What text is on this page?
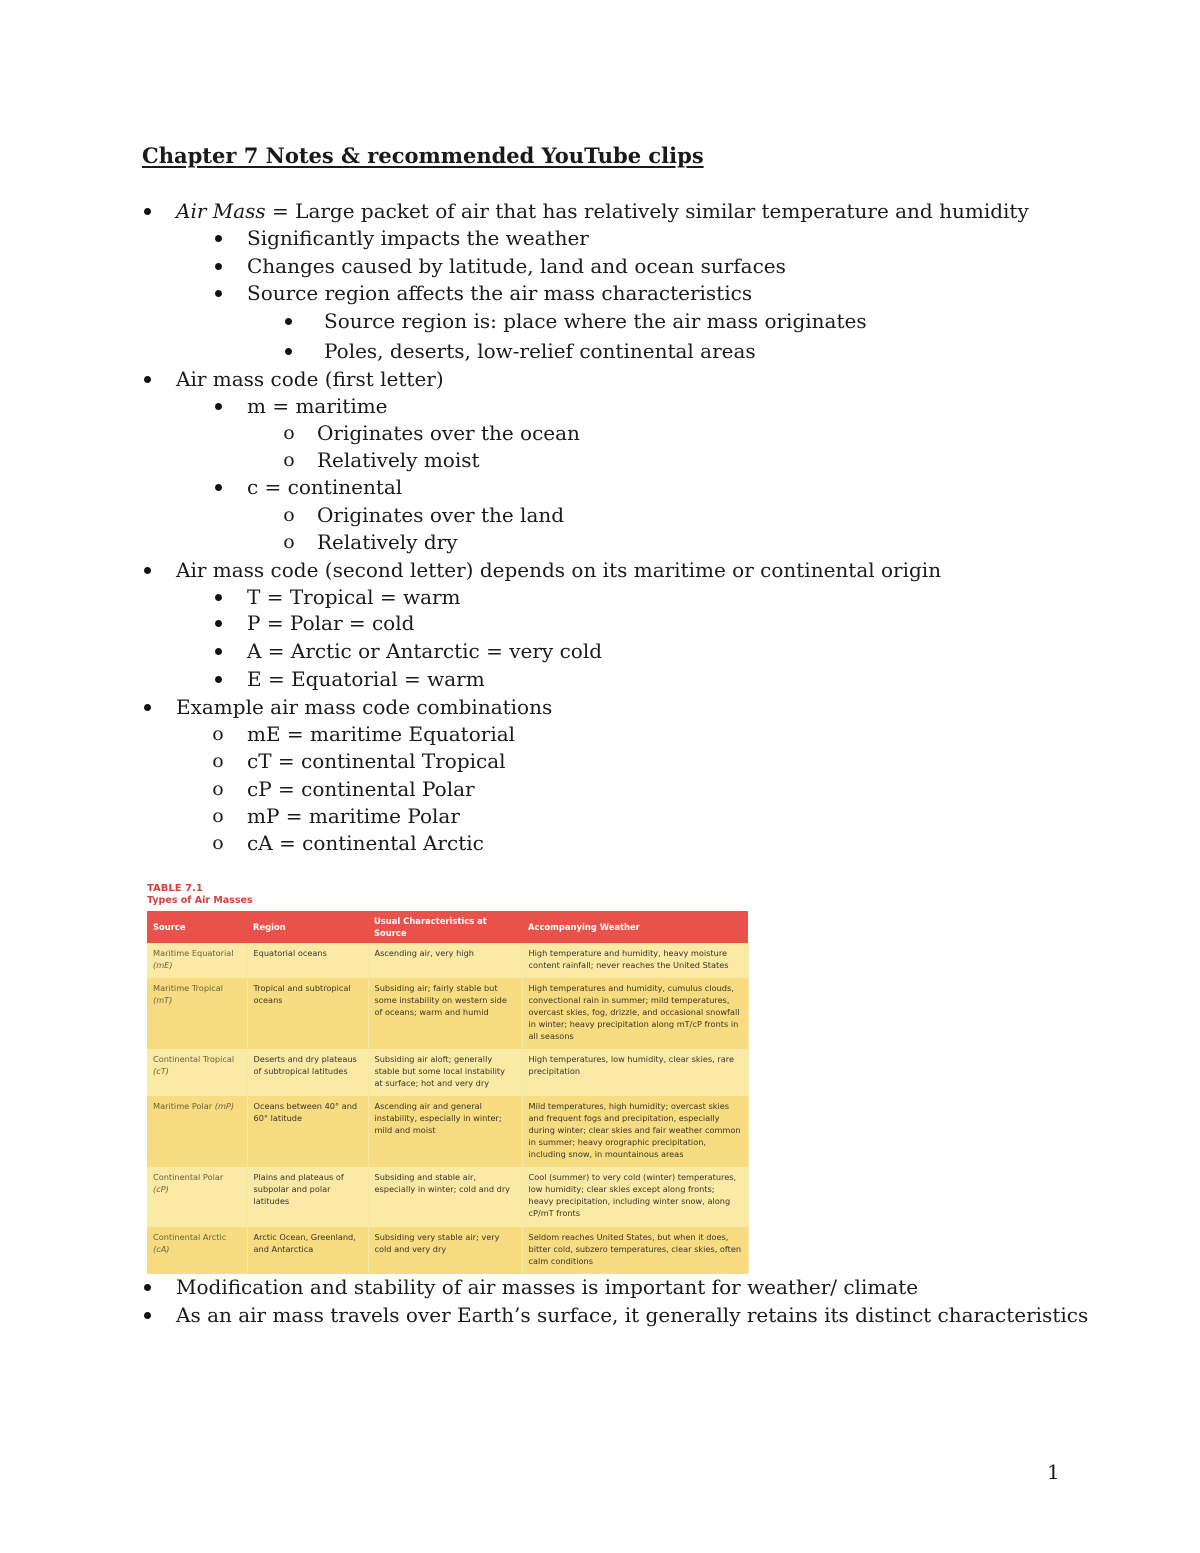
Chapter 7 Notes & recommended YouTube clips
Air Mass = Large packet of air that has relatively similar temperature and humidity
Significantly impacts the weather
Changes caused by latitude, land and ocean surfaces
Source region affects the air mass characteristics
Source region is: place where the air mass originates
Poles, deserts, low-relief continental areas
Air mass code (first letter)
m = maritime
o	Originates over the ocean
o	Relatively moist
c = continental
o	Originates over the land
o	Relatively dry
Air mass code (second letter) depends on its maritime or continental origin
T = Tropical = warm
P = Polar = cold
A = Arctic or Antarctic = very cold
E = Equatorial = warm
Example air mass code combinations
o	mE = maritime Equatorial
o	cT = continental Tropical
o	cP = continental Polar
o	mP = maritime Polar
o	cA = continental Arctic
TABLE 7.1
Types of Air Masses
Source	Region	Usual Characteristics at Source	Accompanying Weather
Maritime Equatorial (mE)	Equatorial oceans	Ascending air, very high	High temperature and humidity, heavy moisture content rainfall; never reaches the United States
Maritime Tropical (mT)	Tropical and subtropical oceans	Subsiding air; fairly stable but some instability on western side of oceans; warm and humid	High temperatures and humidity, cumulus clouds, convectional rain in summer; mild temperatures, overcast skies, fog, drizzle, and occasional snowfall in winter; heavy precipitation along mT/cP fronts in all seasons
Continental Tropical (cT)	Deserts and dry plateaus of subtropical latitudes	Subsiding air aloft; generally stable but some local instability at surface; hot and very dry	High temperatures, low humidity, clear skies, rare precipitation
Maritime Polar (mP)	Oceans between 40° and 60° latitude	Ascending air and general instability, especially in winter; mild and moist	Mild temperatures, high humidity; overcast skies and frequent fogs and precipitation, especially during winter; clear skies and fair weather common in summer; heavy orographic precipitation, including snow, in mountainous areas
Continental Polar (cP)	Plains and plateaus of subpolar and polar latitudes	Subsiding and stable air, especially in winter; cold and dry	Cool (summer) to very cold (winter) temperatures, low humidity; clear skies except along fronts; heavy precipitation, including winter snow, along cP/mT fronts
Continental Arctic (cA)	Arctic Ocean, Greenland, and Antarctica	Subsiding very stable air; very cold and very dry	Seldom reaches United States, but when it does, bitter cold, subzero temperatures, clear skies, often calm conditions
Modification and stability of air masses is important for weather/ climate
As an air mass travels over Earth’s surface, it generally retains its distinct characteristics
1
